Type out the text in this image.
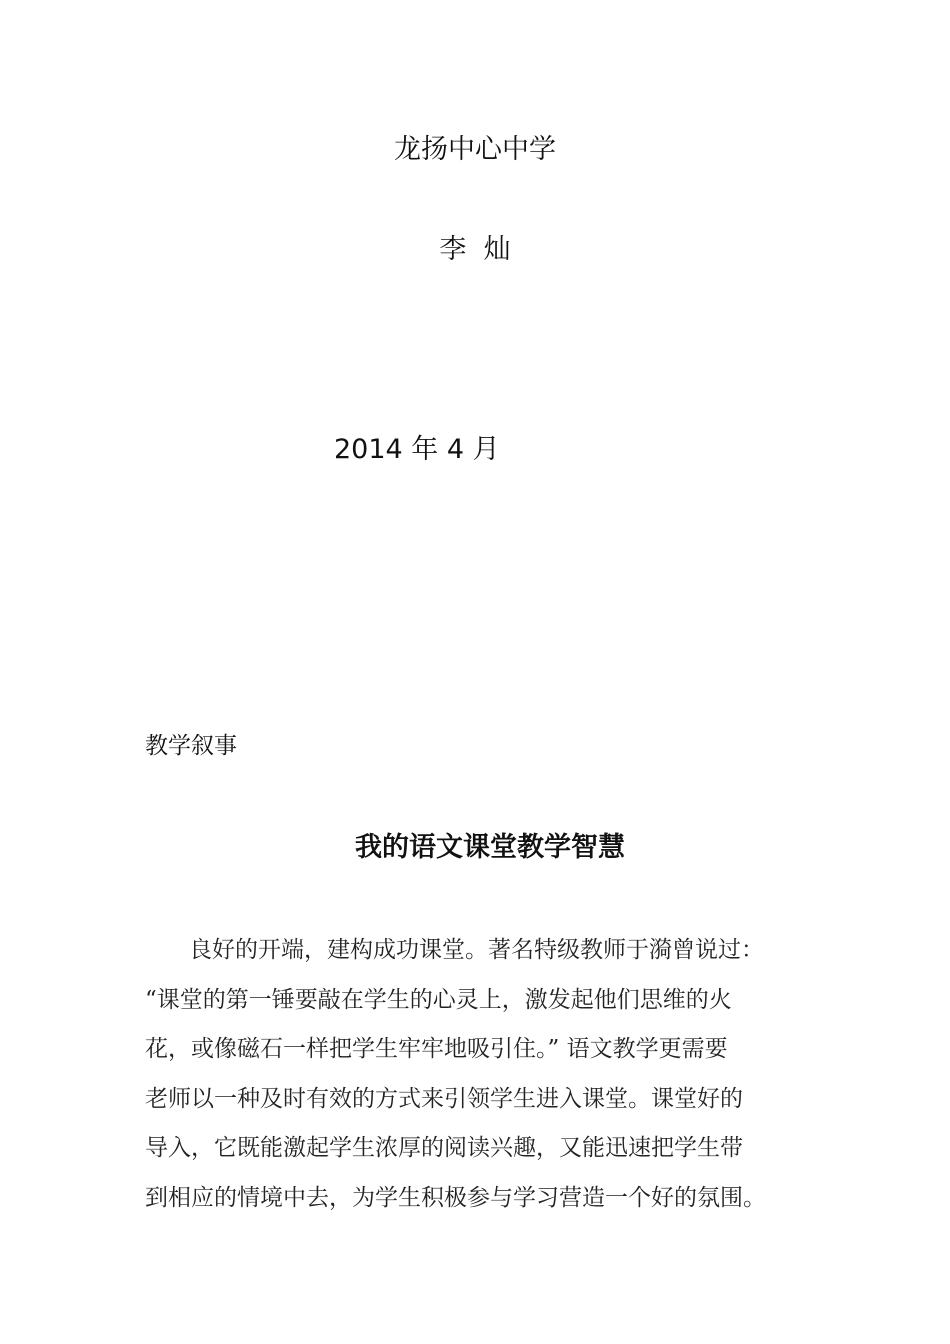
龙扬中心中学
李  灿
2014 年 4 月
教学叙事
我的语文课堂教学智慧
良好的开端，建构成功课堂。著名特级教师于漪曾说过：
“课堂的第一锤要敲在学生的心灵上，激发起他们思维的火
花，或像磁石一样把学生牢牢地吸引住。” 语文教学更需要
老师以一种及时有效的方式来引领学生进入课堂。课堂好的
导入，它既能激起学生浓厚的阅读兴趣，又能迅速把学生带
到相应的情境中去，为学生积极参与学习营造一个好的氛围。
